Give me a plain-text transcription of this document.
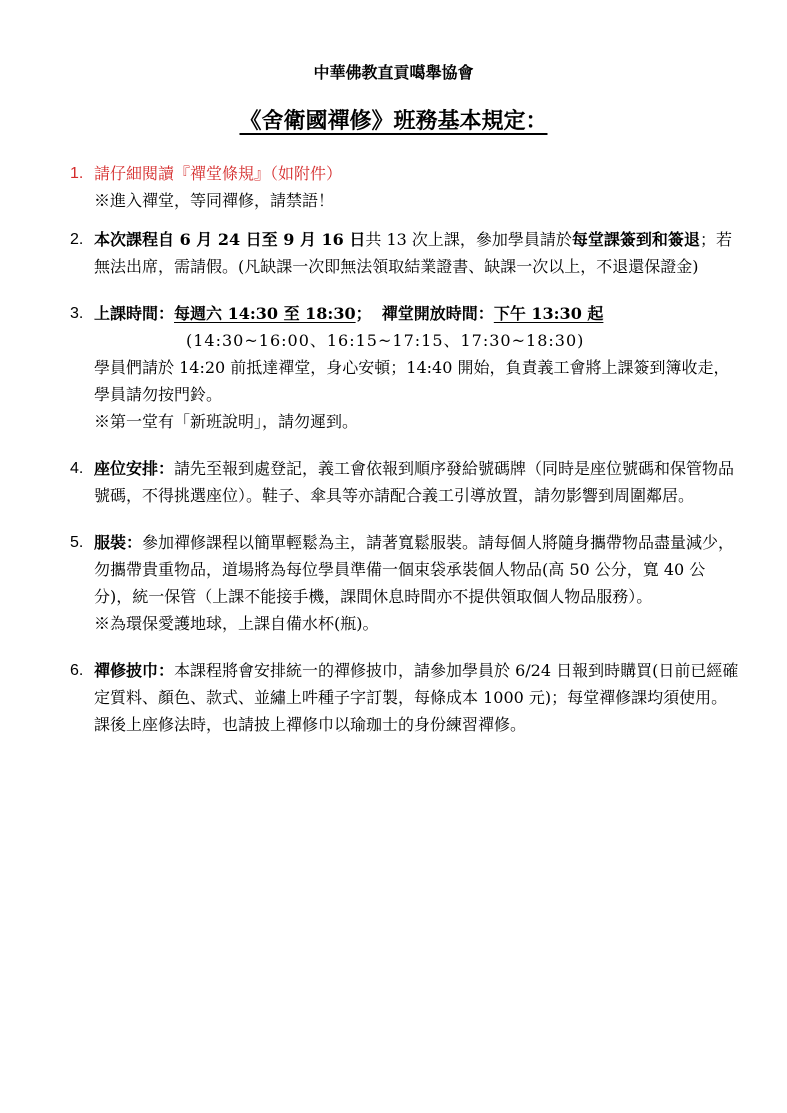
中華佛教直貢噶舉協會
《舍衛國禪修》班務基本規定：
1. 請仔細閱讀『禪堂條規』（如附件）
※進入禪堂，等同禪修，請禁語！
2. 本次課程自 6 月 24 日至 9 月 16 日共 13 次上課，參加學員請於每堂課簽到和簽退；若無法出席，需請假。(凡缺課一次即無法領取結業證書、缺課一次以上，不退還保證金)
3. 上課時間：每週六 14:30 至 18:30； 禪堂開放時間：下午 13:30 起
(14:30~16:00、16:15~17:15、17:30~18:30)
學員們請於 14:20 前抵達禪堂，身心安頓；14:40 開始，負責義工會將上課簽到簿收走，學員請勿按門鈴。
※第一堂有「新班說明」，請勿遲到。
4. 座位安排：請先至報到處登記，義工會依報到順序發給號碼牌（同時是座位號碼和保管物品號碼，不得挑選座位）。鞋子、傘具等亦請配合義工引導放置，請勿影響到周圍鄰居。
5. 服裝：參加禪修課程以簡單輕鬆為主，請著寬鬆服裝。請每個人將隨身攜帶物品盡量減少，勿攜帶貴重物品，道場將為每位學員準備一個束袋承裝個人物品(高 50 公分，寬 40 公分)，統一保管（上課不能接手機，課間休息時間亦不提供領取個人物品服務）。
※為環保愛護地球，上課自備水杯(瓶)。
6. 禪修披巾：本課程將會安排統一的禪修披巾，請參加學員於 6/24 日報到時購買(日前已經確定質料、顏色、款式、並繡上吽種子字訂製，每條成本 1000 元)；每堂禪修課均須使用。課後上座修法時，也請披上禪修巾以瑜珈士的身份練習禪修。
